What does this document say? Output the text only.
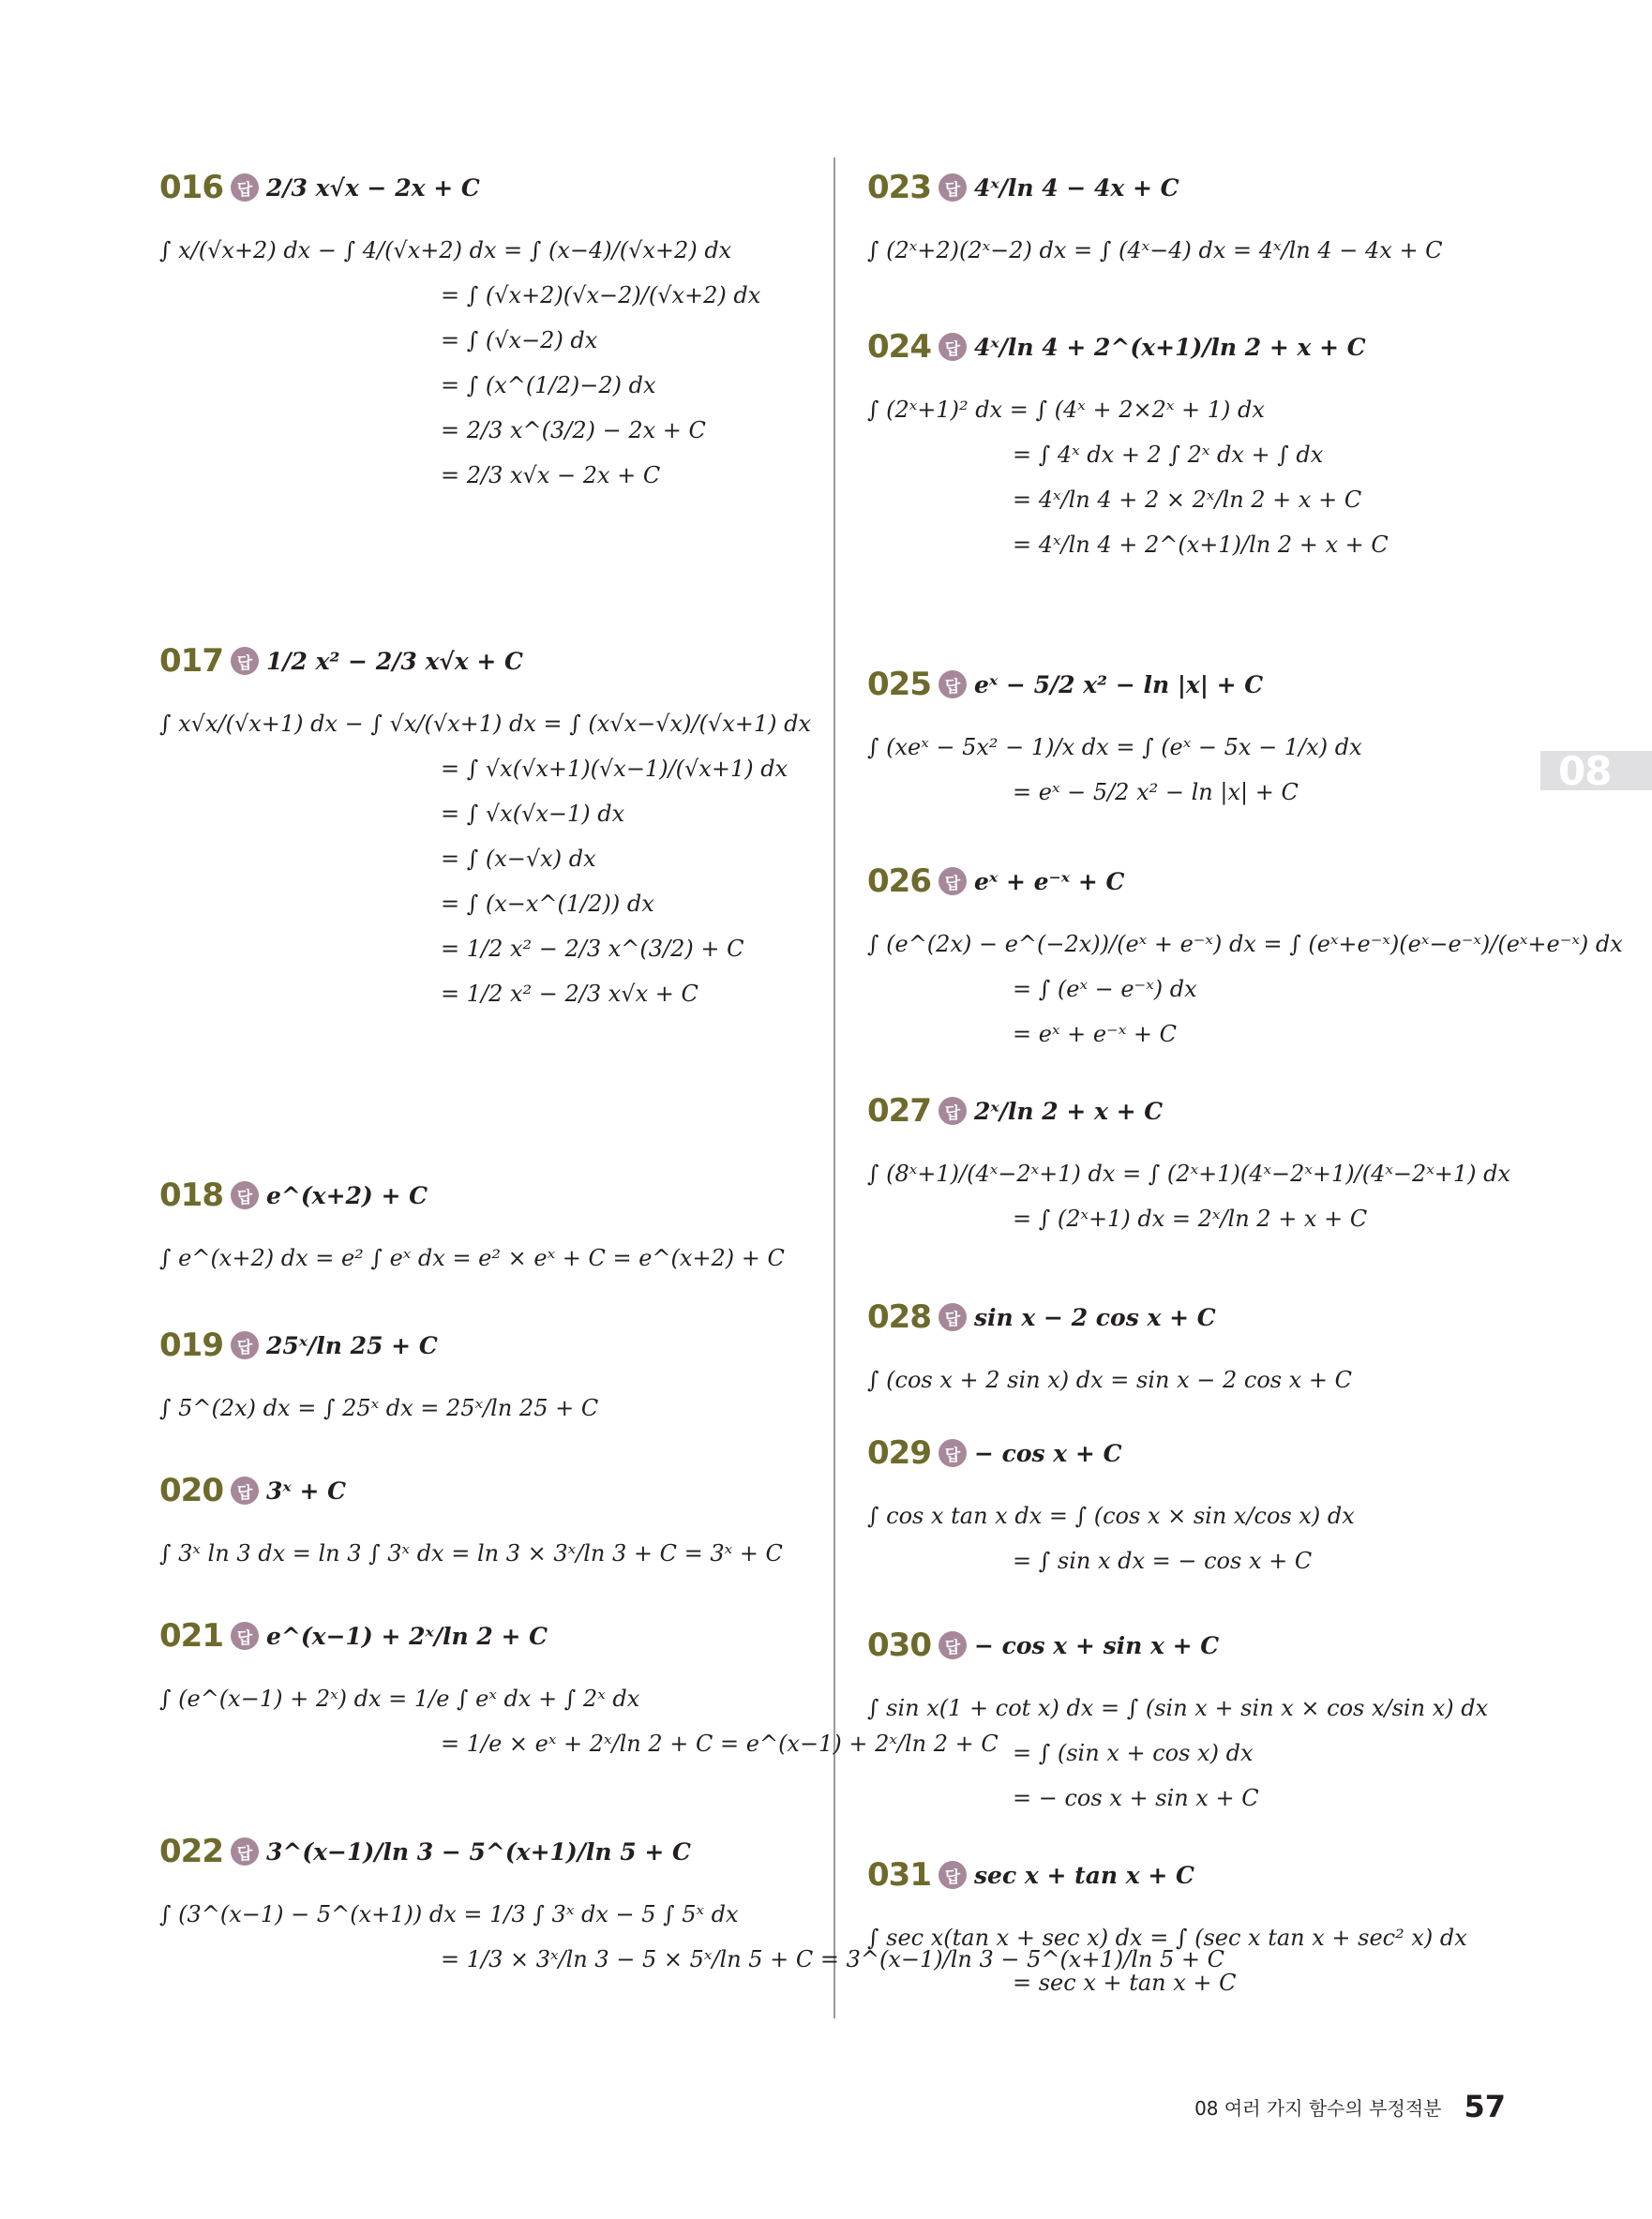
08
016 답 2/3 x√x − 2x + C
∫ x/(√x+2) dx − ∫ 4/(√x+2) dx = ∫ (x−4)/(√x+2) dx
= ∫ (√x+2)(√x−2)/(√x+2) dx
= ∫ (√x−2) dx
= ∫ (x^(1/2)−2) dx
= 2/3 x^(3/2) − 2x + C
= 2/3 x√x − 2x + C
017 답 1/2 x² − 2/3 x√x + C
∫ x√x/(√x+1) dx − ∫ √x/(√x+1) dx = ∫ (x√x−√x)/(√x+1) dx
= ∫ √x(√x+1)(√x−1)/(√x+1) dx
= ∫ √x(√x−1) dx
= ∫ (x−√x) dx
= ∫ (x−x^(1/2)) dx
= 1/2 x² − 2/3 x^(3/2) + C
= 1/2 x² − 2/3 x√x + C
018 답 e^(x+2) + C
∫ e^(x+2) dx = e² ∫ eˣ dx = e² × eˣ + C = e^(x+2) + C
019 답 25ˣ/ln 25 + C
∫ 5^(2x) dx = ∫ 25ˣ dx = 25ˣ/ln 25 + C
020 답 3ˣ + C
∫ 3ˣ ln 3 dx = ln 3 ∫ 3ˣ dx = ln 3 × 3ˣ/ln 3 + C = 3ˣ + C
021 답 e^(x−1) + 2ˣ/ln 2 + C
∫ (e^(x−1) + 2ˣ) dx = 1/e ∫ eˣ dx + ∫ 2ˣ dx
= 1/e × eˣ + 2ˣ/ln 2 + C = e^(x−1) + 2ˣ/ln 2 + C
022 답 3^(x−1)/ln 3 − 5^(x+1)/ln 5 + C
∫ (3^(x−1) − 5^(x+1)) dx = 1/3 ∫ 3ˣ dx − 5 ∫ 5ˣ dx
= 1/3 × 3ˣ/ln 3 − 5 × 5ˣ/ln 5 + C = 3^(x−1)/ln 3 − 5^(x+1)/ln 5 + C
023 답 4ˣ/ln 4 − 4x + C
∫ (2ˣ+2)(2ˣ−2) dx = ∫ (4ˣ−4) dx = 4ˣ/ln 4 − 4x + C
024 답 4ˣ/ln 4 + 2^(x+1)/ln 2 + x + C
∫ (2ˣ+1)² dx = ∫ (4ˣ + 2×2ˣ + 1) dx
= ∫ 4ˣ dx + 2 ∫ 2ˣ dx + ∫ dx
= 4ˣ/ln 4 + 2 × 2ˣ/ln 2 + x + C
= 4ˣ/ln 4 + 2^(x+1)/ln 2 + x + C
025 답 eˣ − 5/2 x² − ln |x| + C
∫ (xeˣ − 5x² − 1)/x dx = ∫ (eˣ − 5x − 1/x) dx
= eˣ − 5/2 x² − ln |x| + C
026 답 eˣ + e⁻ˣ + C
∫ (e^(2x) − e^(−2x))/(eˣ + e⁻ˣ) dx = ∫ (eˣ+e⁻ˣ)(eˣ−e⁻ˣ)/(eˣ+e⁻ˣ) dx
= ∫ (eˣ − e⁻ˣ) dx
= eˣ + e⁻ˣ + C
027 답 2ˣ/ln 2 + x + C
∫ (8ˣ+1)/(4ˣ−2ˣ+1) dx = ∫ (2ˣ+1)(4ˣ−2ˣ+1)/(4ˣ−2ˣ+1) dx
= ∫ (2ˣ+1) dx = 2ˣ/ln 2 + x + C
028 답 sin x − 2 cos x + C
∫ (cos x + 2 sin x) dx = sin x − 2 cos x + C
029 답 − cos x + C
∫ cos x tan x dx = ∫ (cos x × sin x/cos x) dx
= ∫ sin x dx = − cos x + C
030 답 − cos x + sin x + C
∫ sin x(1 + cot x) dx = ∫ (sin x + sin x × cos x/sin x) dx
= ∫ (sin x + cos x) dx
= − cos x + sin x + C
031 답 sec x + tan x + C
∫ sec x(tan x + sec x) dx = ∫ (sec x tan x + sec² x) dx
= sec x + tan x + C
08 여러 가지 함수의 부정적분 57
